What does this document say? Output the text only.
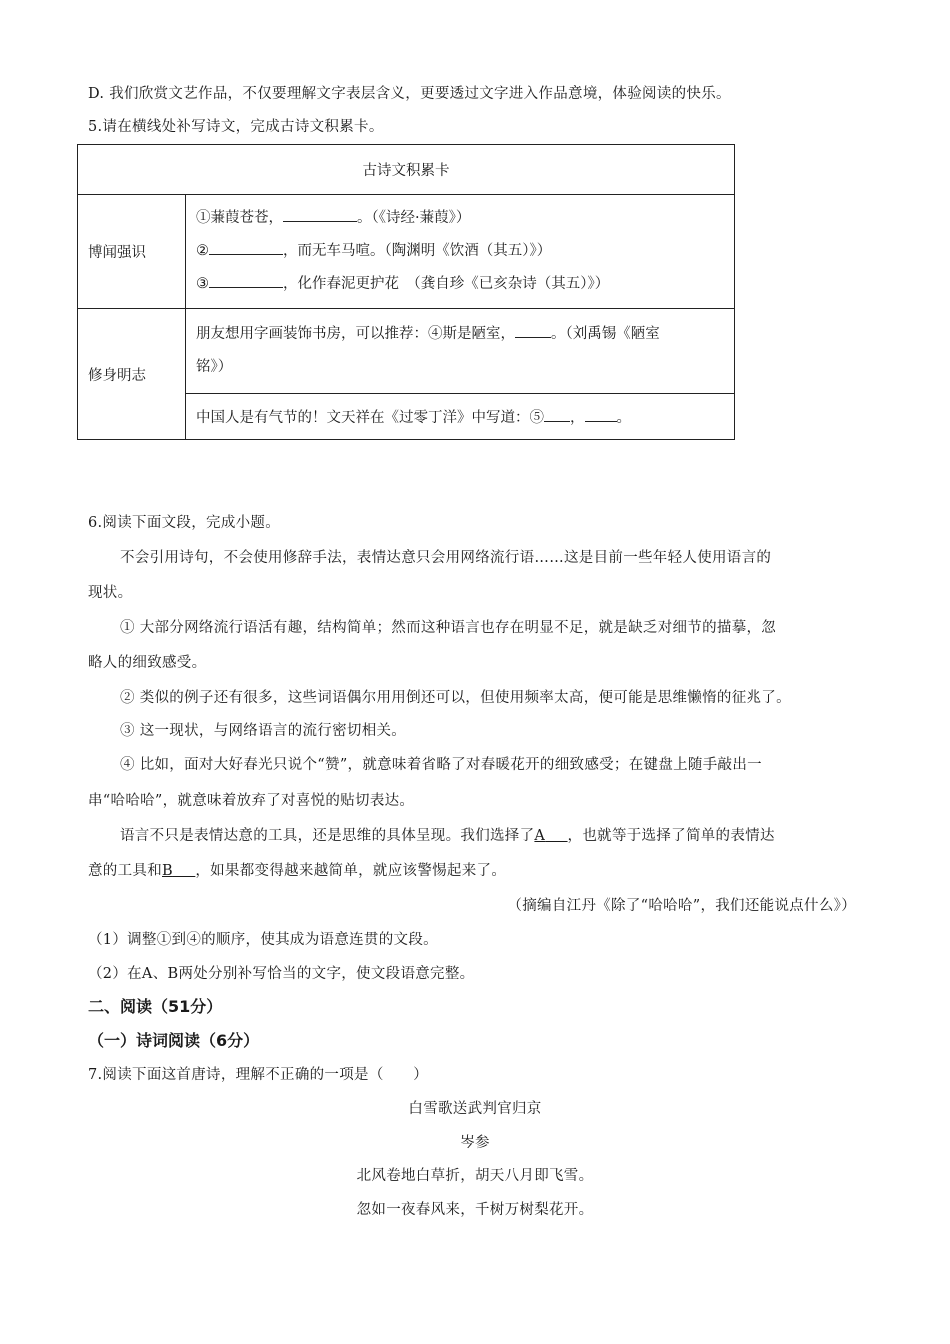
D. 我们欣赏文艺作品，不仅要理解文字表层含义，更要透过文字进入作品意境，体验阅读的快乐。
5.请在横线处补写诗文，完成古诗文积累卡。
古诗文积累卡	
博闻强识	①蒹葭苍苍， 。（《诗经·蒹葭》）
② ，而无车马喧。（陶渊明《饮酒（其五）》）
③ ，化作春泥更护花　（龚自珍《已亥杂诗（其五）》）

修身明志	朋友想用字画装饰书房，可以推荐：④斯是陋室， 。（刘禹锡《陋室
铭》）

	中国人是有气节的！文天祥在《过零丁洋》中写道：⑤ ， 。
6.阅读下面文段，完成小题。
不会引用诗句，不会使用修辞手法，表情达意只会用网络流行语……这是目前一些年轻人使用语言的
现状。
① 大部分网络流行语活有趣，结构简单；然而这种语言也存在明显不足，就是缺乏对细节的描摹，忽
略人的细致感受。
② 类似的例子还有很多，这些词语偶尔用用倒还可以，但使用频率太高，便可能是思维懒惰的征兆了。
③ 这一现状，与网络语言的流行密切相关。
④ 比如，面对大好春光只说个“赞”，就意味着省略了对春暖花开的细致感受；在键盘上随手敲出一
串“哈哈哈”，就意味着放弃了对喜悦的贴切表达。
语言不只是表情达意的工具，还是思维的具体呈现。我们选择了A   ，也就等于选择了简单的表情达
意的工具和B   ，如果都变得越来越简单，就应该警惕起来了。
（摘编自江丹《除了“哈哈哈”，我们还能说点什么》）
（1）调整①到④的顺序，使其成为语意连贯的文段。
（2）在A、B两处分别补写恰当的文字，使文段语意完整。
二、阅读（51分）
（一）诗词阅读（6分）
7.阅读下面这首唐诗，理解不正确的一项是（　　）
白雪歌送武判官归京
岑参
北风卷地白草折，胡天八月即飞雪。
忽如一夜春风来，千树万树梨花开。
